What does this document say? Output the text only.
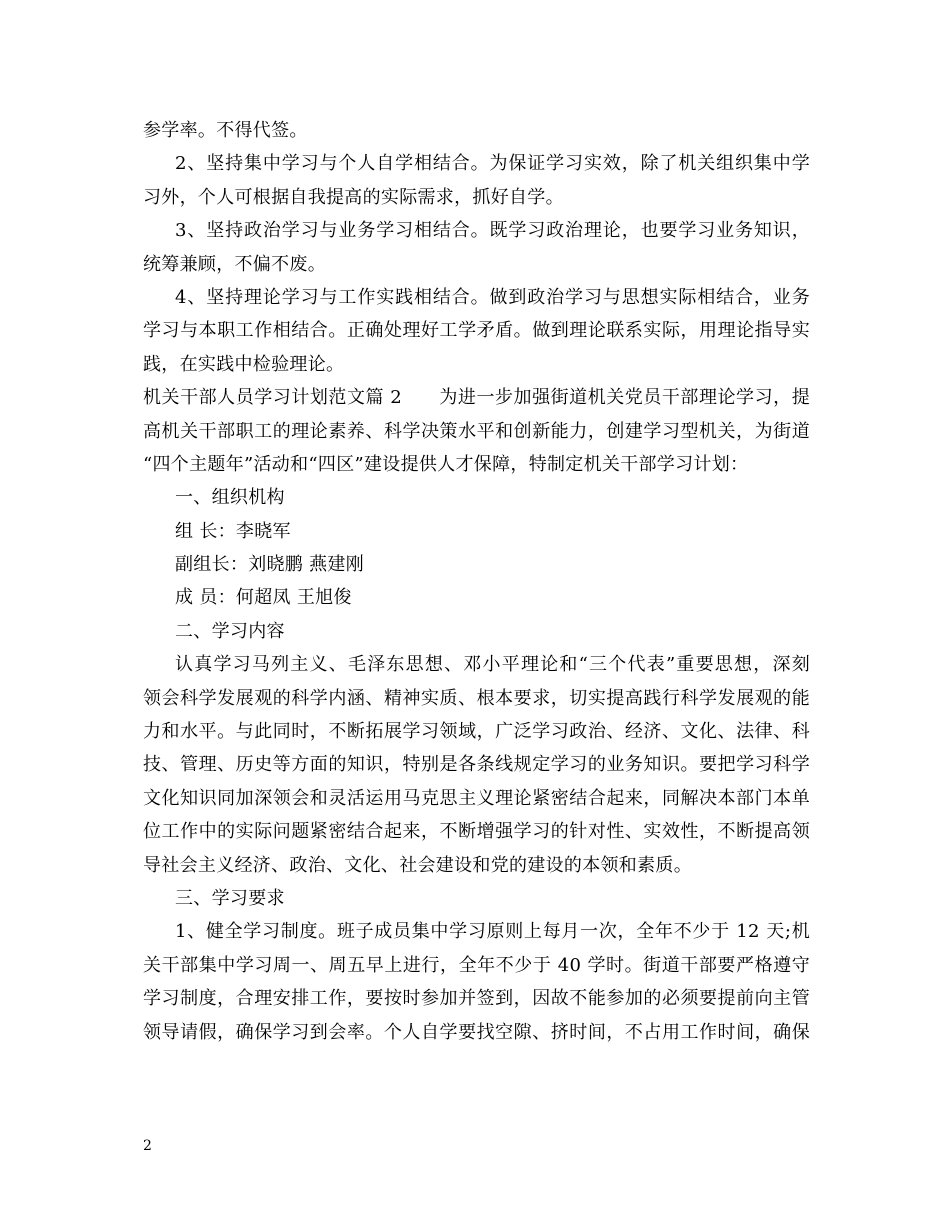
参学率。不得代签。
2、坚持集中学习与个人自学相结合。为保证学习实效，除了机关组织集中学
习外，个人可根据自我提高的实际需求，抓好自学。
3、坚持政治学习与业务学习相结合。既学习政治理论，也要学习业务知识，
统筹兼顾，不偏不废。
4、坚持理论学习与工作实践相结合。做到政治学习与思想实际相结合，业务
学习与本职工作相结合。正确处理好工学矛盾。做到理论联系实际，用理论指导实
践，在实践中检验理论。
机关干部人员学习计划范文篇 2　　为进一步加强街道机关党员干部理论学习，提
高机关干部职工的理论素养、科学决策水平和创新能力，创建学习型机关，为街道
“四个主题年”活动和“四区”建设提供人才保障，特制定机关干部学习计划：
一、组织机构
组 长：李晓军
副组长：刘晓鹏 燕建刚
成 员：何超凤 王旭俊
二、学习内容
认真学习马列主义、毛泽东思想、邓小平理论和“三个代表”重要思想，深刻
领会科学发展观的科学内涵、精神实质、根本要求，切实提高践行科学发展观的能
力和水平。与此同时，不断拓展学习领域，广泛学习政治、经济、文化、法律、科
技、管理、历史等方面的知识，特别是各条线规定学习的业务知识。要把学习科学
文化知识同加深领会和灵活运用马克思主义理论紧密结合起来，同解决本部门本单
位工作中的实际问题紧密结合起来，不断增强学习的针对性、实效性，不断提高领
导社会主义经济、政治、文化、社会建设和党的建设的本领和素质。
三、学习要求
1、健全学习制度。班子成员集中学习原则上每月一次，全年不少于 12 天;机
关干部集中学习周一、周五早上进行，全年不少于 40 学时。街道干部要严格遵守
学习制度，合理安排工作，要按时参加并签到，因故不能参加的必须要提前向主管
领导请假，确保学习到会率。个人自学要找空隙、挤时间，不占用工作时间，确保
2
